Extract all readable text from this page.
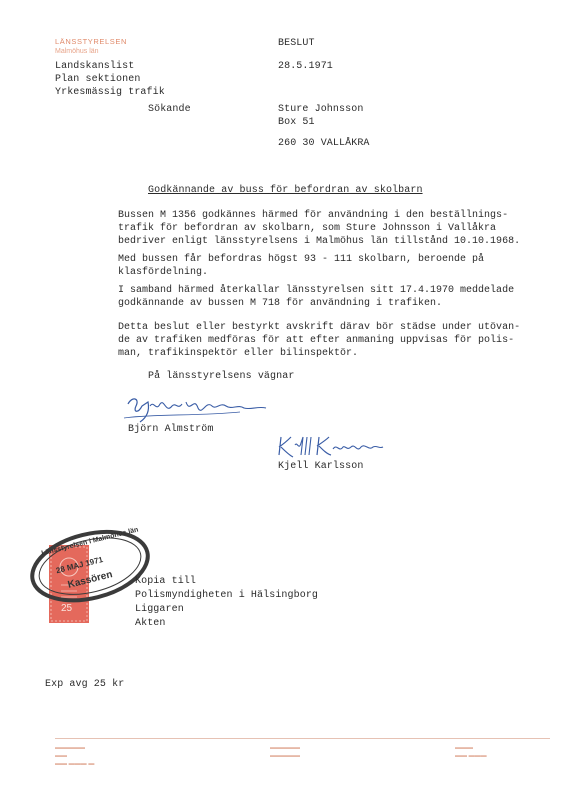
LÄNSSTYRELSEN
Malmöhus län
Landskanslist
Plan sektionen
Yrkesmässig trafik
BESLUT
28.5.1971
Sökande	Sture Johnsson
Box 51
260 30 VALLÅKRA
Godkännande av buss för befordran av skolbarn
Bussen M 1356 godkännes härmed för användning i den beställnings-
trafik för befordran av skolbarn, som Sture Johnsson i Vallåkra
bedriver enligt länsstyrelsens i Malmöhus län tillstånd 10.10.1968.
Med bussen får befordras högst 93 - 111 skolbarn, beroende på
klasfördelning.
I samband härmed återkallar länsstyrelsen sitt 17.4.1970 meddelade
godkännande av bussen M 718 för användning i trafiken.
Detta beslut eller bestyrkt avskrift därav bör städse under utövan-
de av trafiken medföras för att efter anmaning uppvisas för polis-
man, trafikinspektör eller bilinspektör.
På länsstyrelsens vägnar
Björn Almström
Kjell Karlsson
25
Länsstyrelsen i Malmöhus län
28 MAJ 1971
Kassören Kopia till
Polismyndigheten i Hälsingborg
Liggaren
Akten
Exp avg 25 kr
▬▬▬▬▬
▬▬
▬▬ ▬▬▬ ▬
▬▬▬▬▬
▬▬▬▬▬
▬▬▬
▬▬ ▬▬▬
